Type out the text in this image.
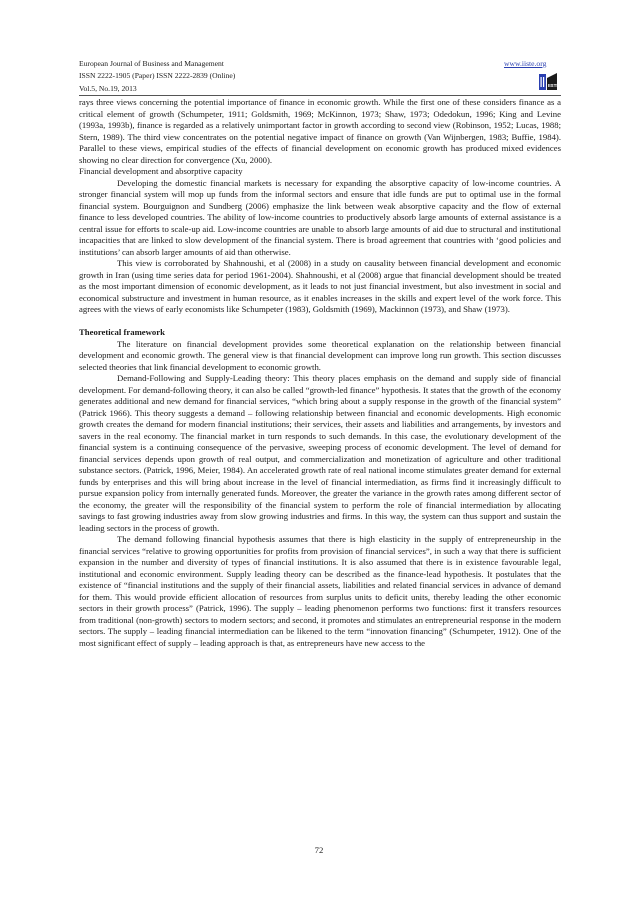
European Journal of Business and Management
ISSN 2222-1905 (Paper) ISSN 2222-2839 (Online)
Vol.5, No.19, 2013
www.iiste.org
IISTE

rays three views concerning the potential importance of finance in economic growth. While the first one of these considers finance as a critical element of growth (Schumpeter, 1911; Goldsmith, 1969; McKinnon, 1973; Shaw, 1973; Odedokun, 1996; King and Levine (1993a, 1993b), finance is regarded as a relatively unimportant factor in growth according to second view (Robinson, 1952; Lucas, 1988; Stern, 1989). The third view concentrates on the potential negative impact of finance on growth (Van Wijnbergen, 1983; Buffie, 1984). Parallel to these views, empirical studies of the effects of financial development on economic growth has produced mixed evidences showing no clear direction for convergence (Xu, 2000).

Financial development and absorptive capacity

Developing the domestic financial markets is necessary for expanding the absorptive capacity of low-income countries. A stronger financial system will mop up funds from the informal sectors and ensure that idle funds are put to optimal use in the formal financial system. Bourguignon and Sundberg (2006) emphasize the link between weak absorptive capacity and the flow of external finance to less developed countries. The ability of low-income countries to productively absorb large amounts of external assistance is a central issue for efforts to scale-up aid. Low-income countries are unable to absorb large amounts of aid due to structural and institutional incapacities that are linked to slow development of the financial system. There is broad agreement that countries with ‘good policies and institutions’ can absorb larger amounts of aid than otherwise.

This view is corroborated by Shahnoushi, et al (2008) in a study on causality between financial development and economic growth in Iran (using time series data for period 1961-2004). Shahnoushi, et al (2008) argue that financial development should be treated as the most important dimension of economic development, as it leads to not just financial investment, but also investment in social and economical substructure and investment in human resource, as it enables increases in the skills and expert level of the work force. This agrees with the views of early economists like Schumpeter (1983), Goldsmith (1969), Mackinnon (1973), and Shaw (1973).

Theoretical framework

The literature on financial development provides some theoretical explanation on the relationship between financial development and economic growth. The general view is that financial development can improve long run growth. This section discusses selected theories that link financial development to economic growth.

Demand-Following and Supply-Leading theory: This theory places emphasis on the demand and supply side of financial development. For demand-following theory, it can also be called “growth-led finance” hypothesis. It states that the growth of the economy generates additional and new demand for financial services, “which bring about a supply response in the growth of the financial system” (Patrick 1966). This theory suggests a demand – following relationship between financial and economic developments. High economic growth creates the demand for modern financial institutions; their services, their assets and liabilities and arrangements, by investors and savers in the real economy. The financial market in turn responds to such demands. In this case, the evolutionary development of the financial system is a continuing consequence of the pervasive, sweeping process of economic development. The level of demand for financial services depends upon growth of real output, and commercialization and monetization of agriculture and other traditional substance sectors. (Patrick, 1996, Meier, 1984). An accelerated growth rate of real national income stimulates greater demand for external funds by enterprises and this will bring about increase in the level of financial intermediation, as firms find it increasingly difficult to pursue expansion policy from internally generated funds. Moreover, the greater the variance in the growth rates among different sector of the economy, the greater will the responsibility of the financial system to perform the role of financial intermediation by allocating savings to fast growing industries away from slow growing industries and firms. In this way, the system can thus support and sustain the leading sectors in the process of growth.

The demand following financial hypothesis assumes that there is high elasticity in the supply of entrepreneurship in the financial services “relative to growing opportunities for profits from provision of financial services”, in such a way that there is sufficient expansion in the number and diversity of types of financial institutions. It is also assumed that there is in existence favourable legal, institutional and economic environment. Supply leading theory can be described as the finance-lead hypothesis. It postulates that the existence of “financial institutions and the supply of their financial assets, liabilities and related financial services in advance of demand for them. This would provide efficient allocation of resources from surplus units to deficit units, thereby leading the other economic sectors in their growth process” (Patrick, 1996). The supply – leading phenomenon performs two functions: first it transfers resources from traditional (non-growth) sectors to modern sectors; and second, it promotes and stimulates an entrepreneurial response in the modern sectors. The supply – leading financial intermediation can be likened to the term “innovation financing” (Schumpeter, 1912). One of the most significant effect of supply – leading approach is that, as entrepreneurs have new access to the

72
